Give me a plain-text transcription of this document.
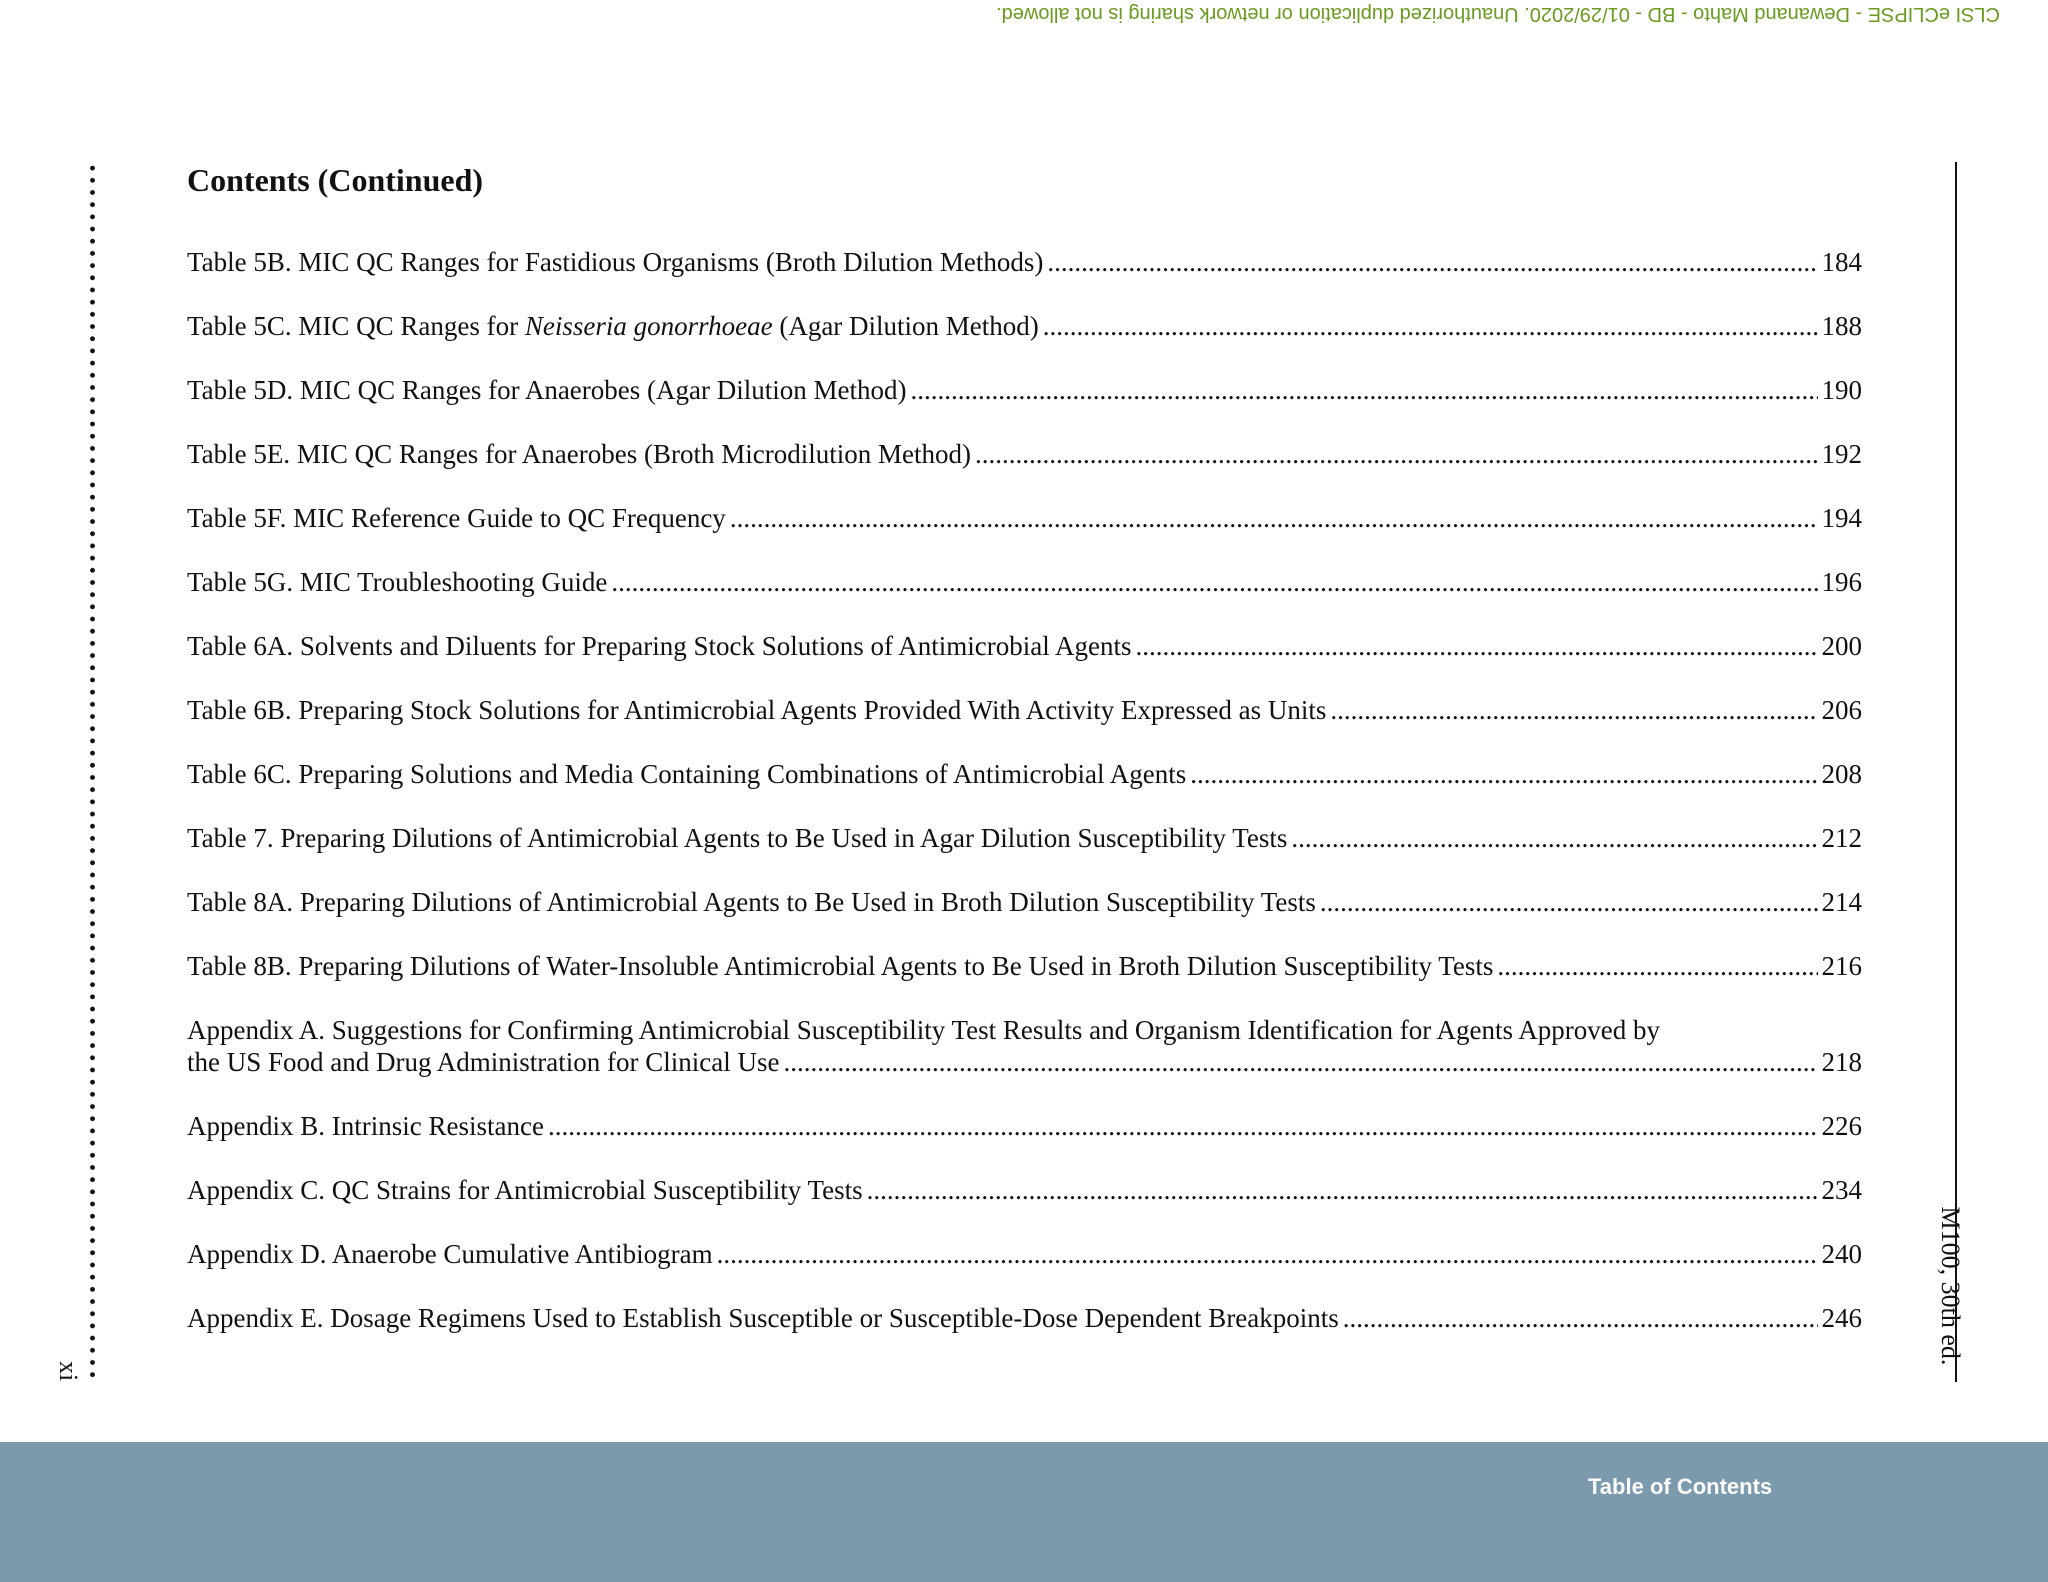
CLSI eCLIPSE - Dewanand Mahto - BD - 01/29/2020. Unauthorized duplication or network sharing is not allowed.
xi
M100, 30th ed.
Contents (Continued)
Table 5B. MIC QC Ranges for Fastidious Organisms (Broth Dilution Methods) .....	184
Table 5C. MIC QC Ranges for Neisseria gonorrhoeae (Agar Dilution Method) .....	188
Table 5D. MIC QC Ranges for Anaerobes (Agar Dilution Method) .....	190
Table 5E. MIC QC Ranges for Anaerobes (Broth Microdilution Method) .....	192
Table 5F. MIC Reference Guide to QC Frequency .....	194
Table 5G. MIC Troubleshooting Guide .....	196
Table 6A. Solvents and Diluents for Preparing Stock Solutions of Antimicrobial Agents .....	200
Table 6B. Preparing Stock Solutions for Antimicrobial Agents Provided With Activity Expressed as Units .....	206
Table 6C. Preparing Solutions and Media Containing Combinations of Antimicrobial Agents .....	208
Table 7. Preparing Dilutions of Antimicrobial Agents to Be Used in Agar Dilution Susceptibility Tests .....	212
Table 8A. Preparing Dilutions of Antimicrobial Agents to Be Used in Broth Dilution Susceptibility Tests .....	214
Table 8B. Preparing Dilutions of Water-Insoluble Antimicrobial Agents to Be Used in Broth Dilution Susceptibility Tests .....	216
Appendix A. Suggestions for Confirming Antimicrobial Susceptibility Test Results and Organism Identification for Agents Approved by
the US Food and Drug Administration for Clinical Use .....	218
Appendix B. Intrinsic Resistance .....	226
Appendix C. QC Strains for Antimicrobial Susceptibility Tests .....	234
Appendix D. Anaerobe Cumulative Antibiogram .....	240
Appendix E. Dosage Regimens Used to Establish Susceptible or Susceptible-Dose Dependent Breakpoints .....	246
Table of Contents
